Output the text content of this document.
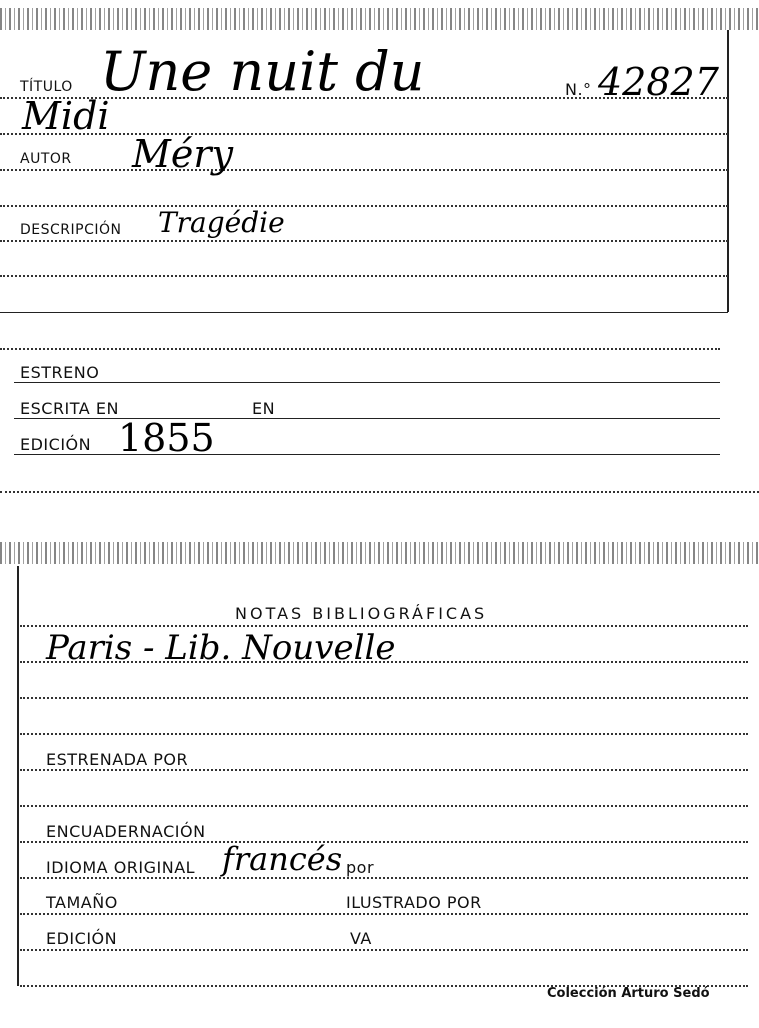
TÍTULO Une nuit du	N.° 42827
Midi
AUTOR Méry
DESCRIPCIÓN Tragédie
ESTRENO
ESCRITA EN	EN
EDICIÓN 1855
NOTAS BIBLIOGRÁFICAS
Paris - Lib. Nouvelle
ESTRENADA POR
ENCUADERNACIÓN
IDIOMA ORIGINAL francés por
TAMAÑO	ILUSTRADO POR
EDICIÓN	VA
Colección Arturo Sedó
